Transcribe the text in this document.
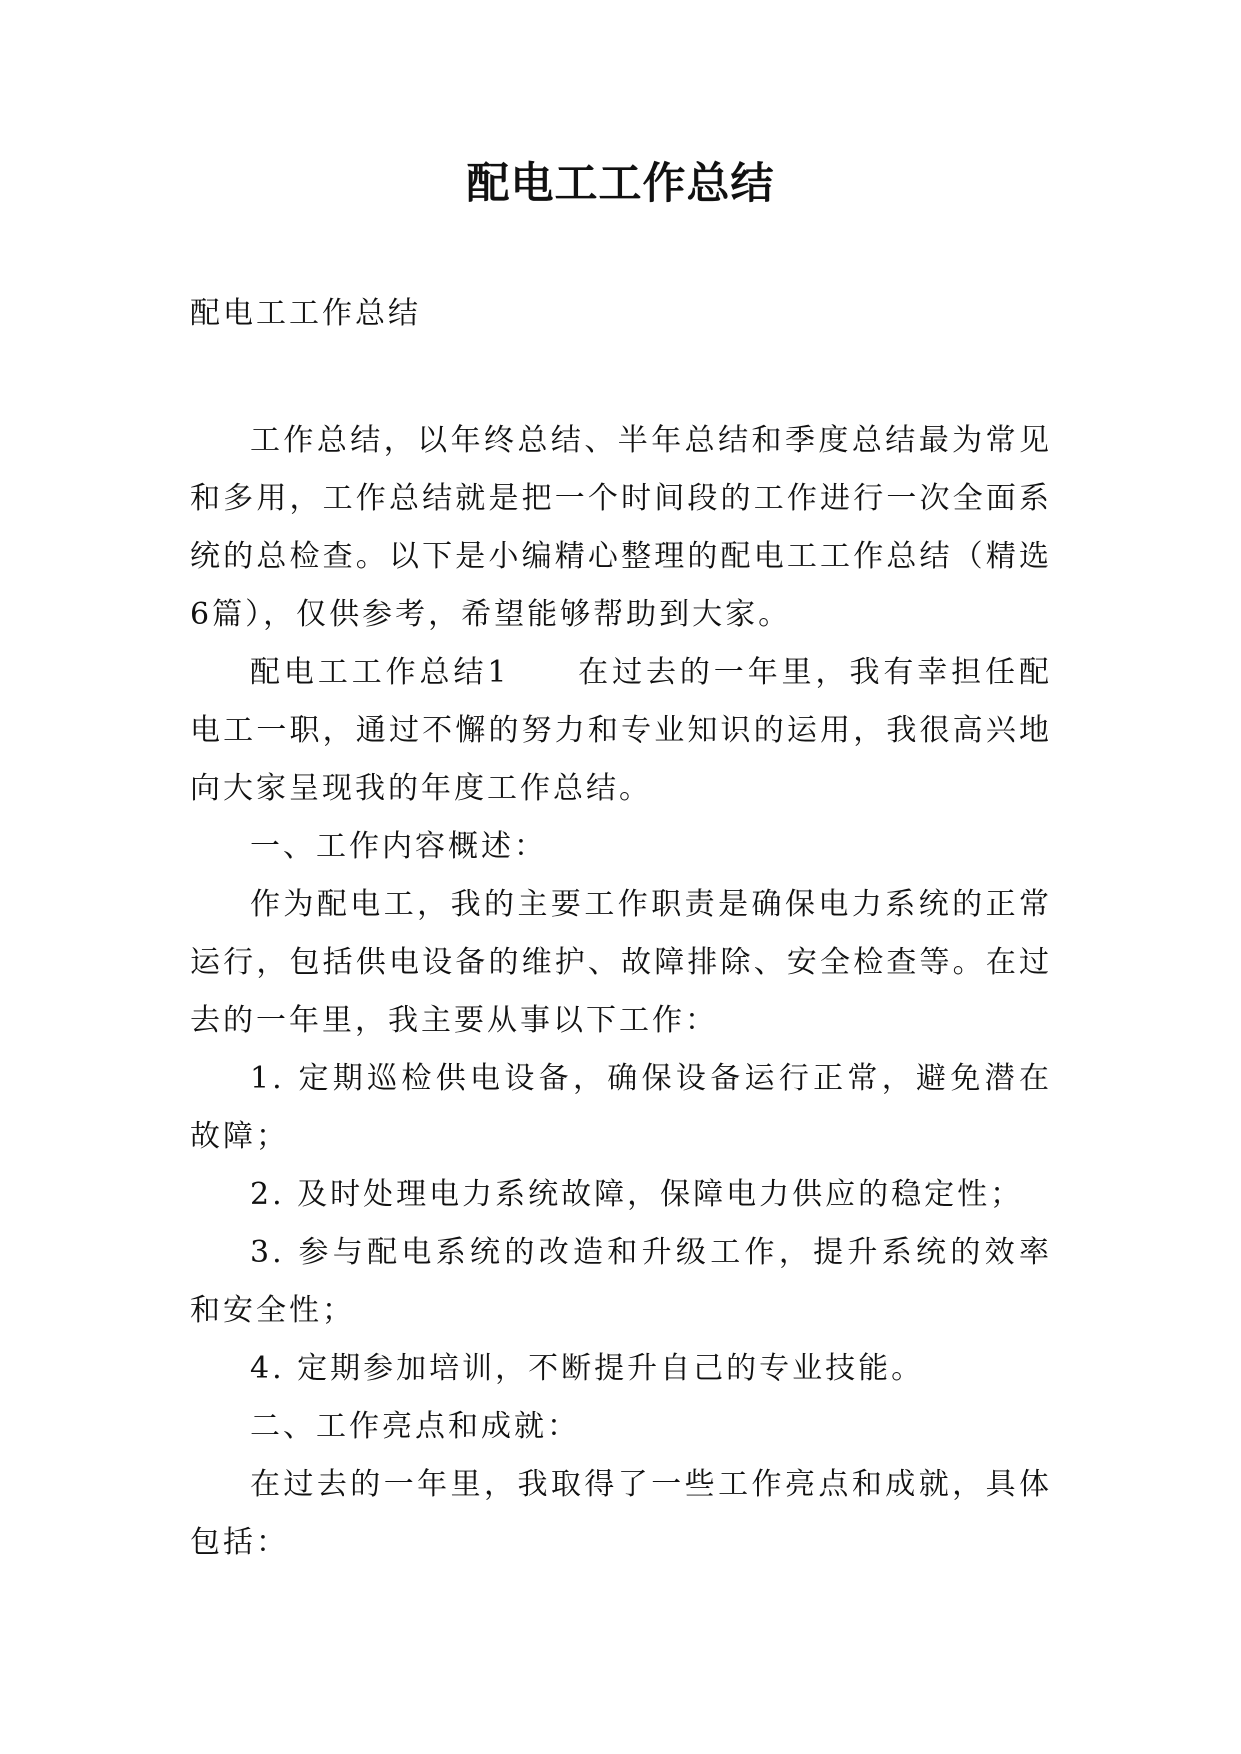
配电工工作总结
配电工工作总结

工作总结，以年终总结、半年总结和季度总结最为常见和多用，工作总结就是把一个时间段的工作进行一次全面系统的总检查。以下是小编精心整理的配电工工作总结（精选6篇），仅供参考，希望能够帮助到大家。

配电工工作总结1　　在过去的一年里，我有幸担任配电工一职，通过不懈的努力和专业知识的运用，我很高兴地向大家呈现我的年度工作总结。

一、工作内容概述：

作为配电工，我的主要工作职责是确保电力系统的正常运行，包括供电设备的维护、故障排除、安全检查等。在过去的一年里，我主要从事以下工作：

1. 定期巡检供电设备，确保设备运行正常，避免潜在故障；

2. 及时处理电力系统故障，保障电力供应的稳定性；

3. 参与配电系统的改造和升级工作，提升系统的效率和安全性；

4. 定期参加培训，不断提升自己的专业技能。

二、工作亮点和成就：

在过去的一年里，我取得了一些工作亮点和成就，具体包括：
